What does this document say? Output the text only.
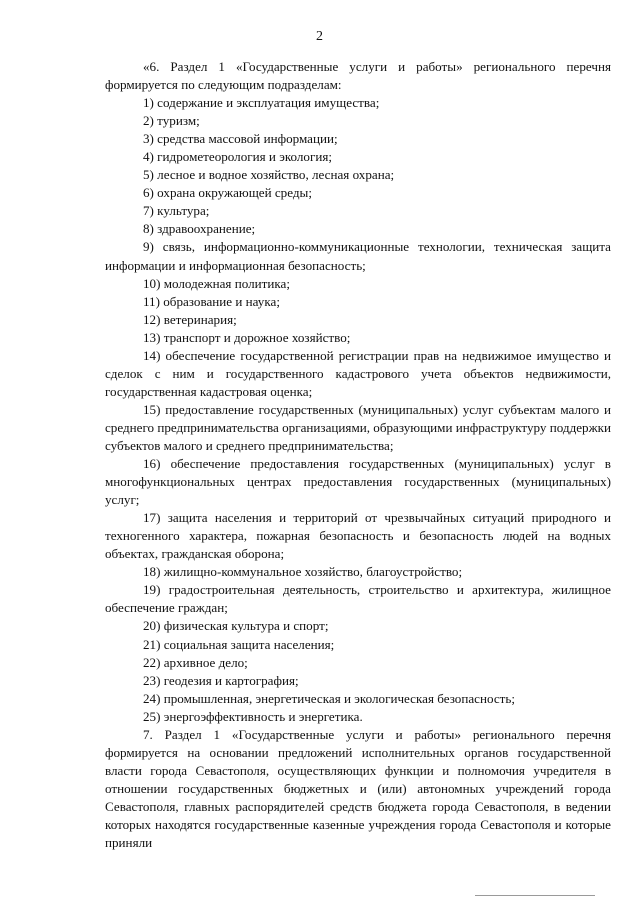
2

«6. Раздел 1 «Государственные услуги и работы» регионального перечня формируется по следующим подразделам:

1) содержание и эксплуатация имущества;

2) туризм;

3) средства массовой информации;

4) гидрометеорология и экология;

5) лесное и водное хозяйство, лесная охрана;

6) охрана окружающей среды;

7) культура;

8) здравоохранение;

9) связь, информационно-коммуникационные технологии, техническая защита информации и информационная безопасность;

10) молодежная политика;

11) образование и наука;

12) ветеринария;

13) транспорт и дорожное хозяйство;

14) обеспечение государственной регистрации прав на недвижимое имущество и сделок с ним и государственного кадастрового учета объектов недвижимости, государственная кадастровая оценка;

15) предоставление государственных (муниципальных) услуг субъектам малого и среднего предпринимательства организациями, образующими инфраструктуру поддержки субъектов малого и среднего предпринимательства;

16) обеспечение предоставления государственных (муниципальных) услуг в многофункциональных центрах предоставления государственных (муниципальных) услуг;

17) защита населения и территорий от чрезвычайных ситуаций природного и техногенного характера, пожарная безопасность и безопасность людей на водных объектах, гражданская оборона;

18) жилищно-коммунальное хозяйство, благоустройство;

19) градостроительная деятельность, строительство и архитектура, жилищное обеспечение граждан;

20) физическая культура и спорт;

21) социальная защита населения;

22) архивное дело;

23) геодезия и картография;

24) промышленная, энергетическая и экологическая безопасность;

25) энергоэффективность и энергетика.

7. Раздел 1 «Государственные услуги и работы» регионального перечня формируется на основании предложений исполнительных органов государственной власти города Севастополя, осуществляющих функции и полномочия учредителя в отношении государственных бюджетных и (или) автономных учреждений города Севастополя, главных распорядителей средств бюджета города Севастополя, в ведении которых находятся государственные казенные учреждения города Севастополя и которые приняли
